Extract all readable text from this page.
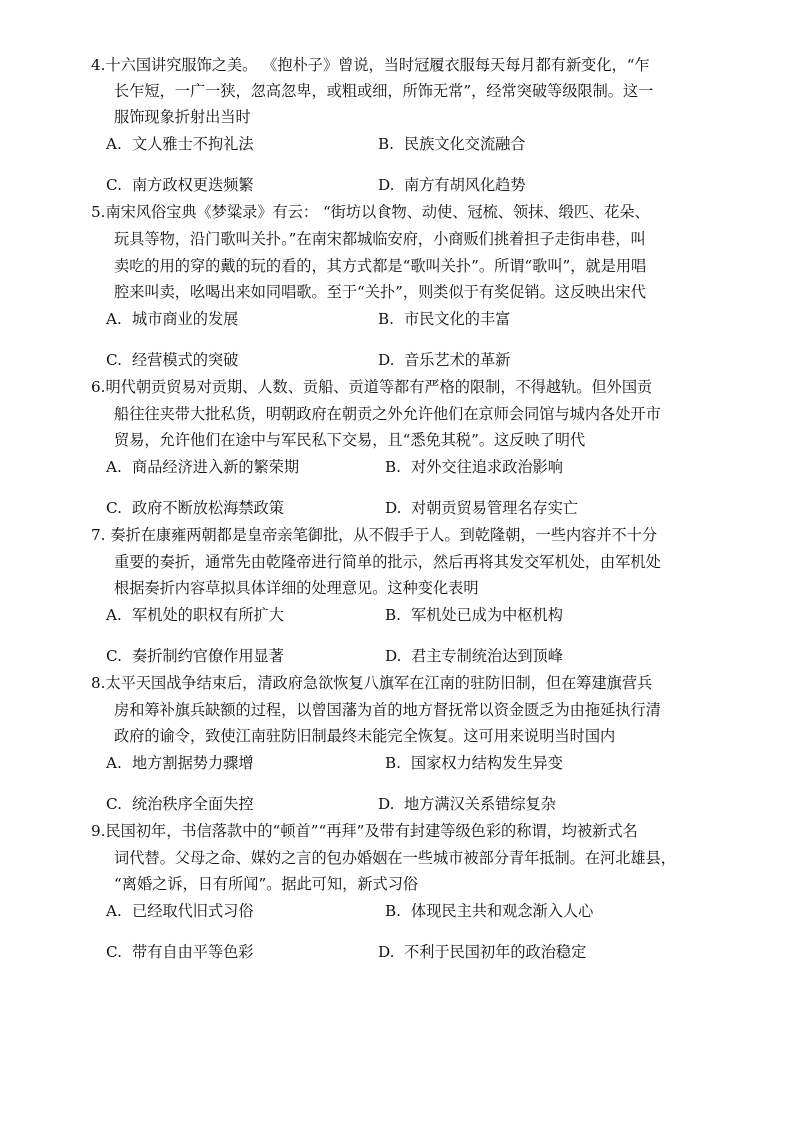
4.十六国讲究服饰之美。 《抱朴子》曾说，当时冠履衣服每天每月都有新变化，“乍
长乍短，一广一狭，忽高忽卑，或粗或细，所饰无常”，经常突破等级限制。这一
服饰现象折射出当时
A. 文人雅士不拘礼法	B. 民族文化交流融合
C. 南方政权更迭频繁	D. 南方有胡风化趋势
5.南宋风俗宝典《梦粱录》有云： “街坊以食物、动使、冠梳、领抹、缎匹、花朵、
玩具等物，沿门歌叫关扑。”在南宋都城临安府，小商贩们挑着担子走街串巷，叫
卖吃的用的穿的戴的玩的看的，其方式都是“歌叫关扑”。所谓“歌叫”，就是用唱
腔来叫卖，吆喝出来如同唱歌。至于“关扑”，则类似于有奖促销。这反映出宋代
A. 城市商业的发展	B. 市民文化的丰富
C. 经营模式的突破	D. 音乐艺术的革新
6.明代朝贡贸易对贡期、人数、贡船、贡道等都有严格的限制，不得越轨。但外国贡
船往往夹带大批私货，明朝政府在朝贡之外允许他们在京师会同馆与城内各处开市
贸易，允许他们在途中与军民私下交易，且“悉免其税”。这反映了明代
A. 商品经济进入新的繁荣期	B. 对外交往追求政治影响
C. 政府不断放松海禁政策	D. 对朝贡贸易管理名存实亡
7. 奏折在康雍两朝都是皇帝亲笔御批，从不假手于人。到乾隆朝，一些内容并不十分
重要的奏折，通常先由乾隆帝进行简单的批示，然后再将其发交军机处，由军机处
根据奏折内容草拟具体详细的处理意见。这种变化表明
A. 军机处的职权有所扩大	B. 军机处已成为中枢机构
C. 奏折制约官僚作用显著	D. 君主专制统治达到顶峰
8.太平天国战争结束后，清政府急欲恢复八旗军在江南的驻防旧制，但在筹建旗营兵
房和筹补旗兵缺额的过程，以曾国藩为首的地方督抚常以资金匮乏为由拖延执行清
政府的谕令，致使江南驻防旧制最终未能完全恢复。这可用来说明当时国内
A. 地方割据势力骤增	B. 国家权力结构发生异变
C. 统治秩序全面失控	D. 地方满汉关系错综复杂
9.民国初年，书信落款中的“顿首”“再拜”及带有封建等级色彩的称谓，均被新式名
词代替。父母之命、媒妁之言的包办婚姻在一些城市被部分青年抵制。在河北雄县，
“离婚之诉，日有所闻”。据此可知，新式习俗
A. 已经取代旧式习俗	B. 体现民主共和观念渐入人心
C. 带有自由平等色彩	D. 不利于民国初年的政治稳定
